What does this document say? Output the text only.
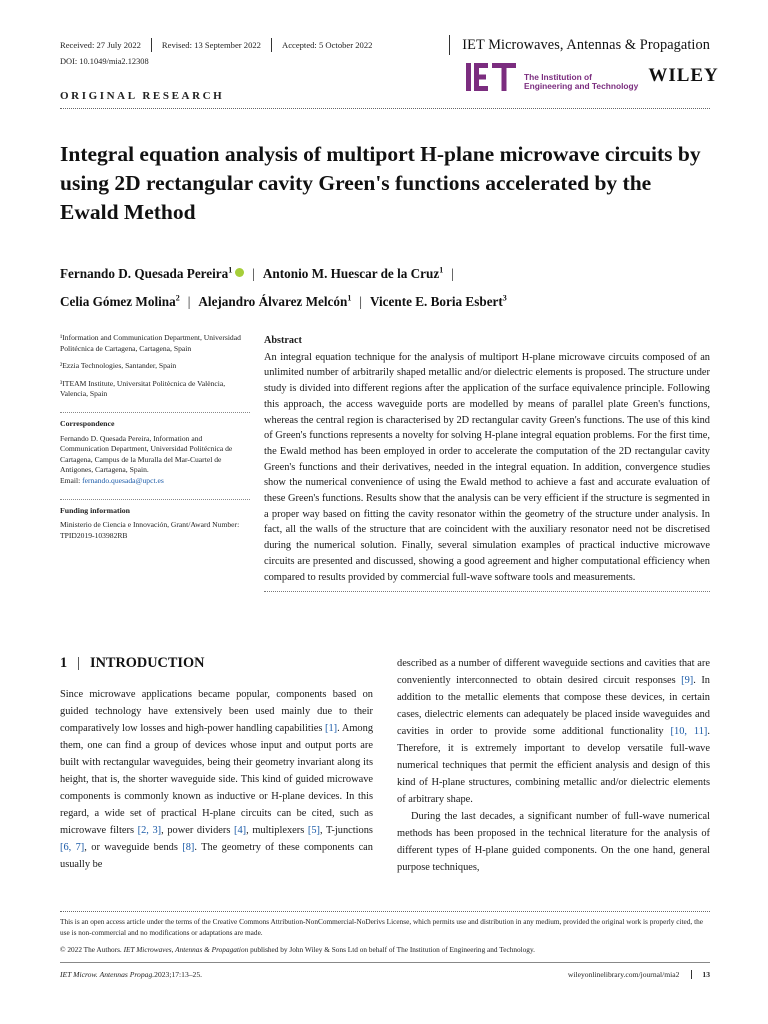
Received: 27 July 2022	Revised: 13 September 2022	Accepted: 5 October 2022	IET Microwaves, Antennas & Propagation
DOI: 10.1049/mia2.12308
The Institution of
Engineering and Technology WILEY
ORIGINAL RESEARCH
Integral equation analysis of multiport H-plane microwave circuits by using 2D rectangular cavity Green's functions accelerated by the Ewald Method
Fernando D. Quesada Pereira$^1$ | Antonio M. Huescar de la Cruz$^1$ |
Celia Gómez Molina$^2$ | Alejandro Álvarez Melcón$^1$ | Vicente E. Boria Esbert$^3$

¹Information and Communication Department, Universidad Politécnica de Cartagena, Cartagena, Spain

²Ezzia Technologies, Santander, Spain

³ITEAM Institute, Universitat Politècnica de València, Valencia, Spain

Correspondence

Fernando D. Quesada Pereira, Information and Communication Department, Universidad Politécnica de Cartagena, Campus de la Muralla del Mar-Cuartel de Antigones, Cartagena, Spain.

Email: fernando.quesada@upct.es

Funding information

Ministerio de Ciencia e Innovación, Grant/Award Number: TPID2019-103982RB

Abstract
An integral equation technique for the analysis of multiport H-plane microwave circuits composed of an unlimited number of arbitrarily shaped metallic and/or dielectric elements is proposed. The structure under study is divided into different regions after the application of the surface equivalence principle. Following this approach, the access waveguide ports are modelled by means of parallel plate Green's functions, whereas the central region is characterised by 2D rectangular cavity Green's functions. The use of this kind of Green's functions represents a novelty for solving H-plane integral equation problems. For the first time, the Ewald method has been employed in order to accelerate the computation of the 2D rectangular cavity Green's functions and their derivatives, needed in the integral equation. In addition, convergence studies show the numerical convenience of using the Ewald method to achieve a fast and accurate evaluation of these Green's functions. Results show that the analysis can be very efficient if the structure is segmented in a proper way based on fitting the cavity resonator within the geometry of the structure under analysis. In fact, all the walls of the structure that are coincident with the auxiliary resonator need not be discretised during the numerical solution. Finally, several simulation examples of practical inductive microwave circuits are presented and discussed, showing a good agreement and higher computational efficiency when compared to results provided by commercial full-wave software tools and measurements.
1 | INTRODUCTION

Since microwave applications became popular, components based on guided technology have extensively been used mainly due to their comparatively low losses and high-power handling capabilities [1]. Among them, one can find a group of devices whose input and output ports are built with rectangular waveguides, being their geometry invariant along its height, that is, the shorter waveguide side. This kind of guided microwave components is commonly known as inductive or H-plane devices. In this regard, a wide set of practical H-plane circuits can be cited, such as microwave filters [2, 3], power dividers [4], multiplexers [5], T-junctions [6, 7], or waveguide bends [8]. The geometry of these components can usually be

described as a number of different waveguide sections and cavities that are conveniently interconnected to obtain desired circuit responses [9]. In addition to the metallic elements that compose these devices, in certain cases, dielectric elements can adequately be placed inside waveguides and cavities in order to provide some additional functionality [10, 11]. Therefore, it is extremely important to develop versatile full-wave numerical techniques that permit the efficient analysis and design of this kind of H-plane structures, combining metallic and/or dielectric elements of arbitrary shape.

During the last decades, a significant number of full-wave numerical methods has been proposed in the technical literature for the analysis of different types of H-plane guided components. On the one hand, general purpose techniques,

This is an open access article under the terms of the Creative Commons Attribution-NonCommercial-NoDerivs License, which permits use and distribution in any medium, provided the original work is properly cited, the use is non-commercial and no modifications or adaptations are made.
© 2022 The Authors. IET Microwaves, Antennas & Propagation published by John Wiley & Sons Ltd on behalf of The Institution of Engineering and Technology.
IET Microw. Antennas Propag. 2023;17:13–25.	wileyonlinelibrary.com/journal/mia2	13
